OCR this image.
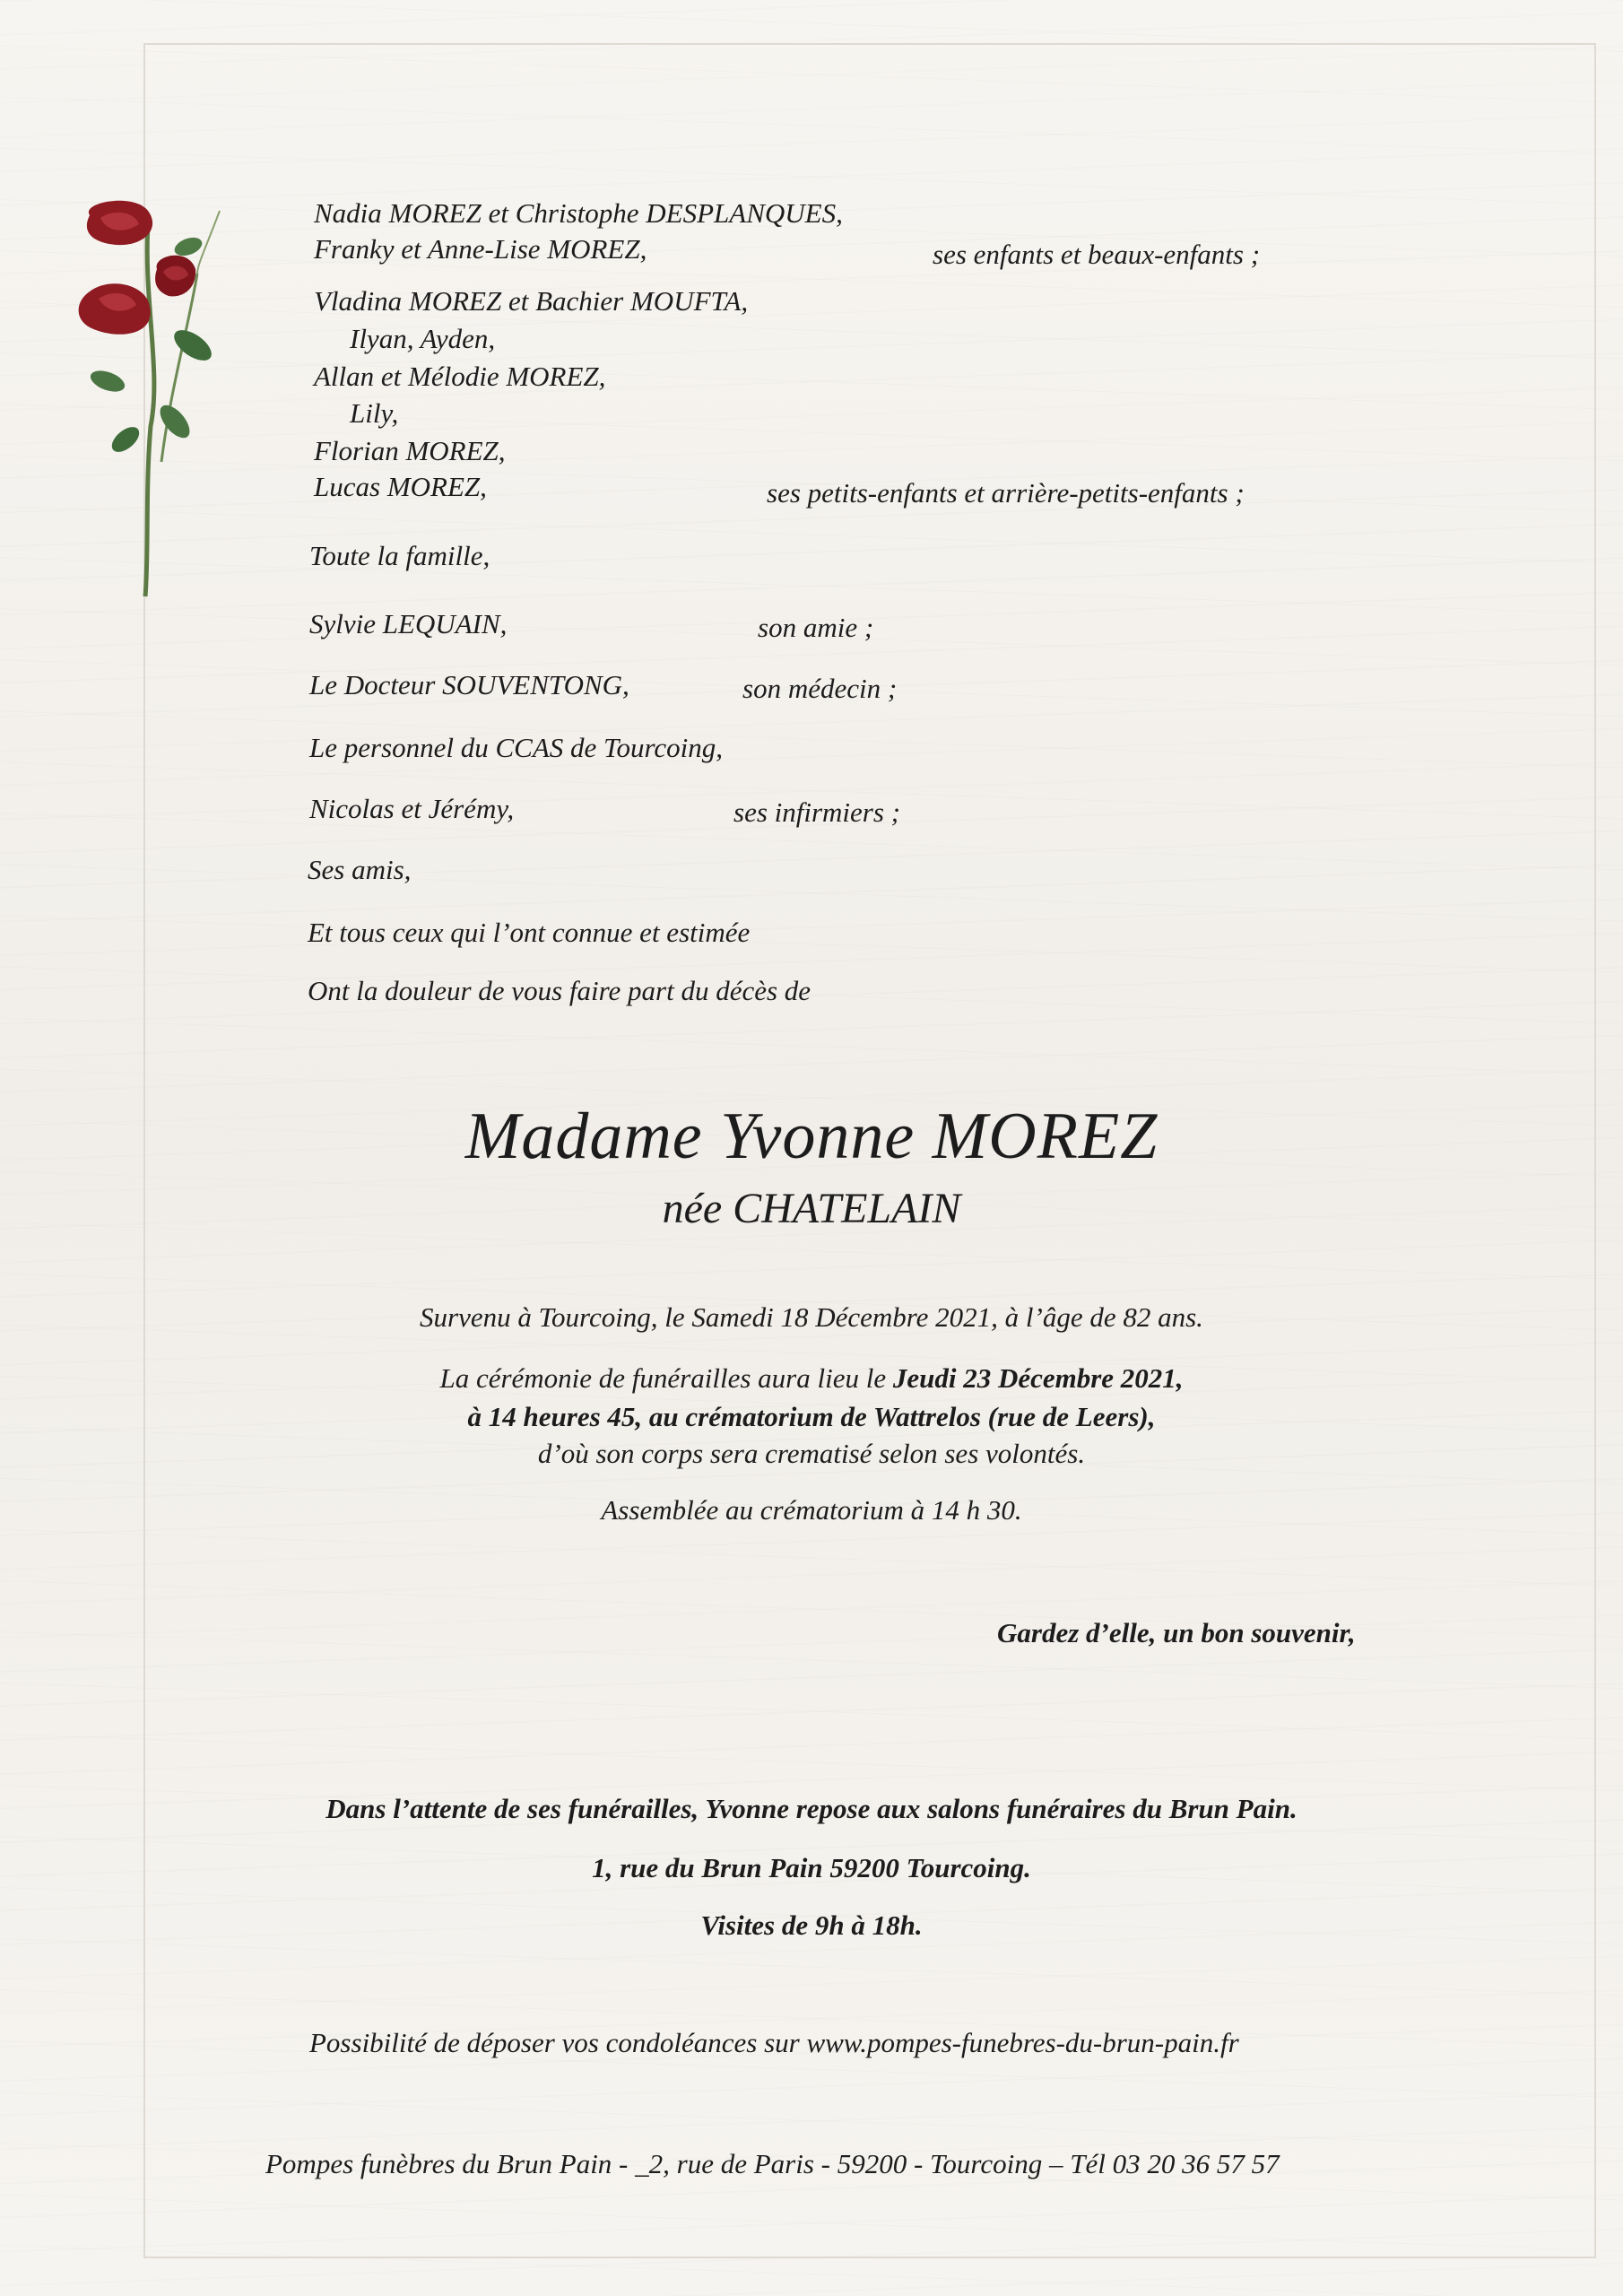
Nadia MOREZ et Christophe DESPLANQUES,
Franky et Anne-Lise MOREZ,	ses enfants et beaux-enfants ;
Vladina MOREZ et Bachier MOUFTA,
Ilyan, Ayden,
Allan et Mélodie MOREZ,
Lily,
Florian MOREZ,
Lucas MOREZ,	ses petits-enfants et arrière-petits-enfants ;
Toute la famille,
Sylvie LEQUAIN,	son amie ;
Le Docteur SOUVENTONG,	son médecin ;
Le personnel du CCAS de Tourcoing,
Nicolas et Jérémy,	ses infirmiers ;
Ses amis,
Et tous ceux qui l’ont connue et estimée
Ont la douleur de vous faire part du décès de
Madame Yvonne MOREZ
née CHATELAIN
Survenu à Tourcoing, le Samedi 18 Décembre 2021, à l’âge de 82 ans.
La cérémonie de funérailles aura lieu le Jeudi 23 Décembre 2021,
à 14 heures 45, au crématorium de Wattrelos (rue de Leers),
d’où son corps sera crematisé selon ses volontés.
Assemblée au crématorium à 14 h 30.
Gardez d’elle, un bon souvenir,
Dans l’attente de ses funérailles, Yvonne repose aux salons funéraires du Brun Pain.
1, rue du Brun Pain 59200 Tourcoing.
Visites de 9h à 18h.
Possibilité de déposer vos condoléances sur www.pompes-funebres-du-brun-pain.fr
Pompes funèbres du Brun Pain - _2, rue de Paris - 59200 - Tourcoing – Tél 03 20 36 57 57
